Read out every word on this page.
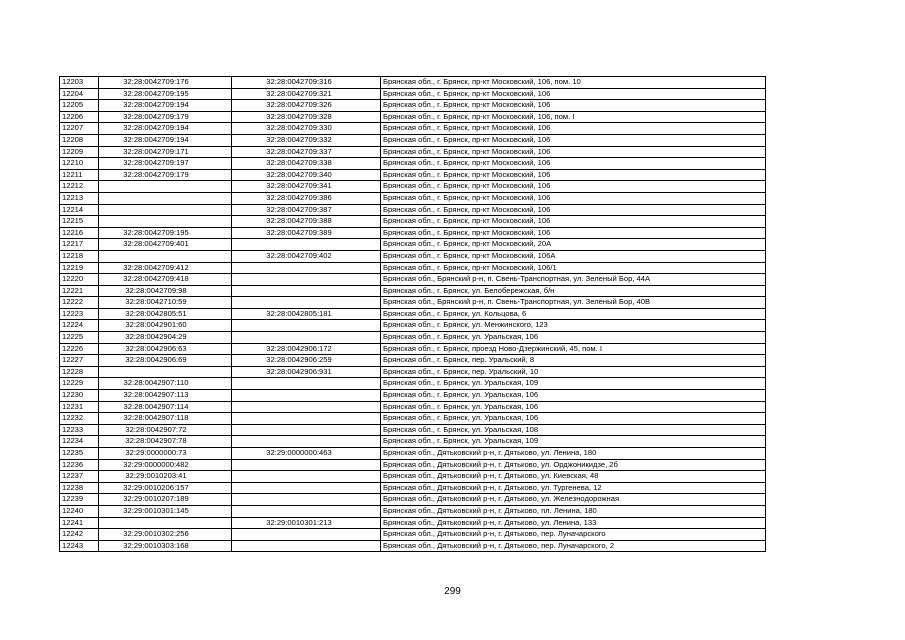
12203	32:28:0042709:176	32:28:0042709:316	Брянская обл., г. Брянск, пр-кт Московский, 106, пом. 10
12204	32:28:0042709:195	32:28:0042709:321	Брянская обл., г. Брянск, пр-кт Московский, 106
12205	32:28:0042709:194	32:28:0042709:326	Брянская обл., г. Брянск, пр-кт Московский, 106
12206	32:28:0042709:179	32:28:0042709:328	Брянская обл., г. Брянск, пр-кт Московский, 106, пом. I
12207	32:28:0042709:194	32:28:0042709:330	Брянская обл., г. Брянск, пр-кт Московский, 106
12208	32:28:0042709:194	32:28:0042709:332	Брянская обл., г. Брянск, пр-кт Московский, 106
12209	32:28:0042709:171	32:28:0042709:337	Брянская обл., г. Брянск, пр-кт Московский, 106
12210	32:28:0042709:197	32:28:0042709:338	Брянская обл., г. Брянск, пр-кт Московский, 106
12211	32:28:0042709:179	32:28:0042709:340	Брянская обл., г. Брянск, пр-кт Московский, 106
12212		32:28:0042709:341	Брянская обл., г. Брянск, пр-кт Московский, 106
12213		32:28:0042709:386	Брянская обл., г. Брянск, пр-кт Московский, 106
12214		32:28:0042709:387	Брянская обл., г. Брянск, пр-кт Московский, 106
12215		32:28:0042709:388	Брянская обл., г. Брянск, пр-кт Московский, 106
12216	32:28:0042709:195	32:28:0042709:389	Брянская обл., г. Брянск, пр-кт Московский, 106
12217	32:28:0042709:401		Брянская обл., г. Брянск, пр-кт Московский, 20А
12218		32:28:0042709:402	Брянская обл., г. Брянск, пр-кт Московский, 106А
12219	32:28:0042709:412		Брянская обл., г. Брянск, пр-кт Московский, 106/1
12220	32:28:0042709:418		Брянская обл., Брянский р-н, п. Свень-Транспортная, ул. Зеленый Бор, 44А
12221	32:28:0042709:98		Брянская обл., г. Брянск, ул. Белобережская, б/н
12222	32:28:0042710:59		Брянская обл., Брянский р-н, п. Свень-Транспортная, ул. Зеленый Бор, 40В
12223	32:28:0042805:51	32:28:0042805:181	Брянская обл., г. Брянск, ул. Кольцова, 6
12224	32:28:0042901:60		Брянская обл., г. Брянск, ул. Менжинского, 123
12225	32:28:0042904:29		Брянская обл., г. Брянск, ул. Уральская, 106
12226	32:28:0042906:63	32:28:0042906:172	Брянская обл., г. Брянск, проезд Ново-Дзержинский, 45, пом. I
12227	32:28:0042906:69	32:28:0042906:259	Брянская обл., г. Брянск, пер. Уральский, 8
12228		32:28:0042906:931	Брянская обл., г. Брянск, пер. Уральский, 10
12229	32:28:0042907:110		Брянская обл., г. Брянск, ул. Уральская, 109
12230	32:28:0042907:113		Брянская обл., г. Брянск, ул. Уральская, 106
12231	32:28:0042907:114		Брянская обл., г. Брянск, ул. Уральская, 106
12232	32:28:0042907:118		Брянская обл., г. Брянск, ул. Уральская, 106
12233	32:28:0042907:72		Брянская обл., г. Брянск, ул. Уральская, 108
12234	32:28:0042907:78		Брянская обл., г. Брянск, ул. Уральская, 109
12235	32:29:0000000:73	32:29:0000000:463	Брянская обл., Дятьковский р-н, г. Дятьково, ул. Ленина, 180
12236	32:29:0000000:482		Брянская обл., Дятьковский р-н, г. Дятьково, ул. Орджоникидзе, 2б
12237	32:29:0010203:41		Брянская обл., Дятьковский р-н, г. Дятьково, ул. Киевская, 48
12238	32:29:0010206:157		Брянская обл., Дятьковский р-н, г. Дятьково, ул. Тургенева, 12
12239	32:29:0010207:189		Брянская обл., Дятьковский р-н, г. Дятьково, ул. Железнодорожная
12240	32:29:0010301:145		Брянская обл., Дятьковский р-н, г. Дятьково, пл. Ленина, 180
12241		32:29:0010301:213	Брянская обл., Дятьковский р-н, г. Дятьково, ул. Ленина, 133
12242	32:29:0010302:256		Брянская обл., Дятьковский р-н, г. Дятьково, пер. Луначарского
12243	32:29:0010303:168		Брянская обл., Дятьковский р-н, г. Дятьково, пер. Луначарского, 2
299
